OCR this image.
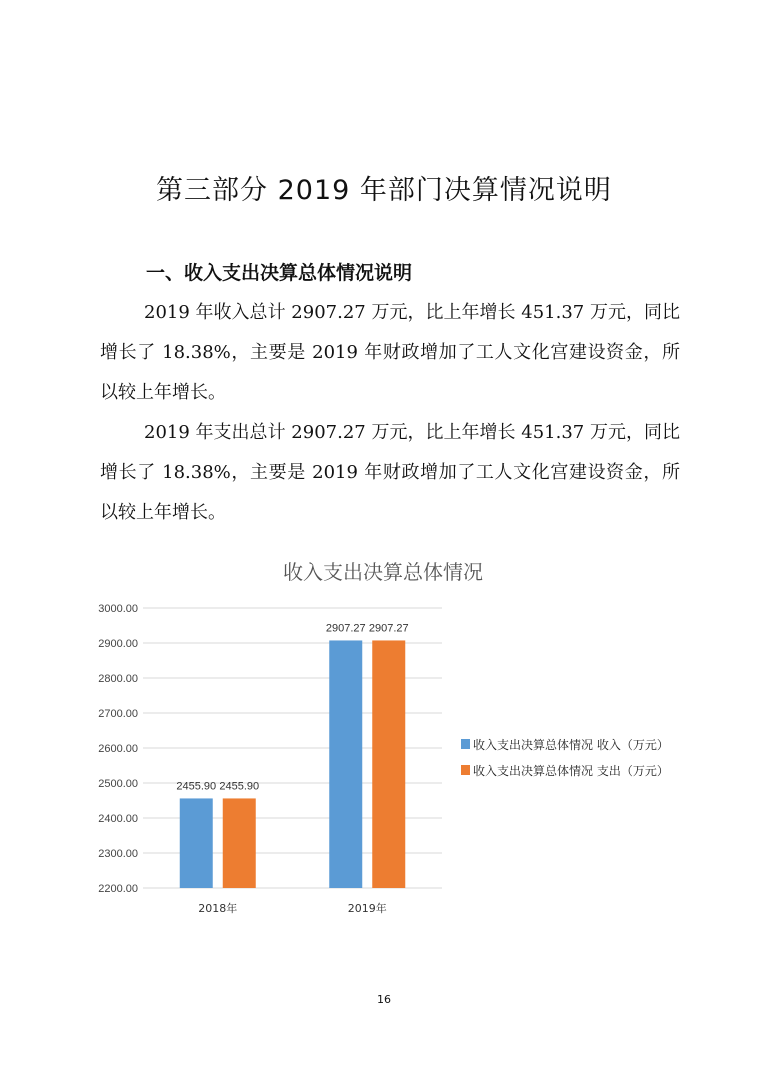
第三部分 2019 年部门决算情况说明
一、收入支出决算总体情况说明

2019 年收入总计 2907.27 万元，比上年增长 451.37 万元，同比增长了 18.38%，主要是 2019 年财政增加了工人文化宫建设资金，所以较上年增长。

2019 年支出总计 2907.27 万元，比上年增长 451.37 万元，同比增长了 18.38%，主要是 2019 年财政增加了工人文化宫建设资金，所以较上年增长。

收入支出决算总体情况
2200.00
2300.00
2400.00
2500.00
2600.00
2700.00
2800.00
2900.00
3000.00
2455.90 2455.90
2018年
2907.27 2907.27
2019年
收入支出决算总体情况 收入（万元）
收入支出决算总体情况 支出（万元）
16
